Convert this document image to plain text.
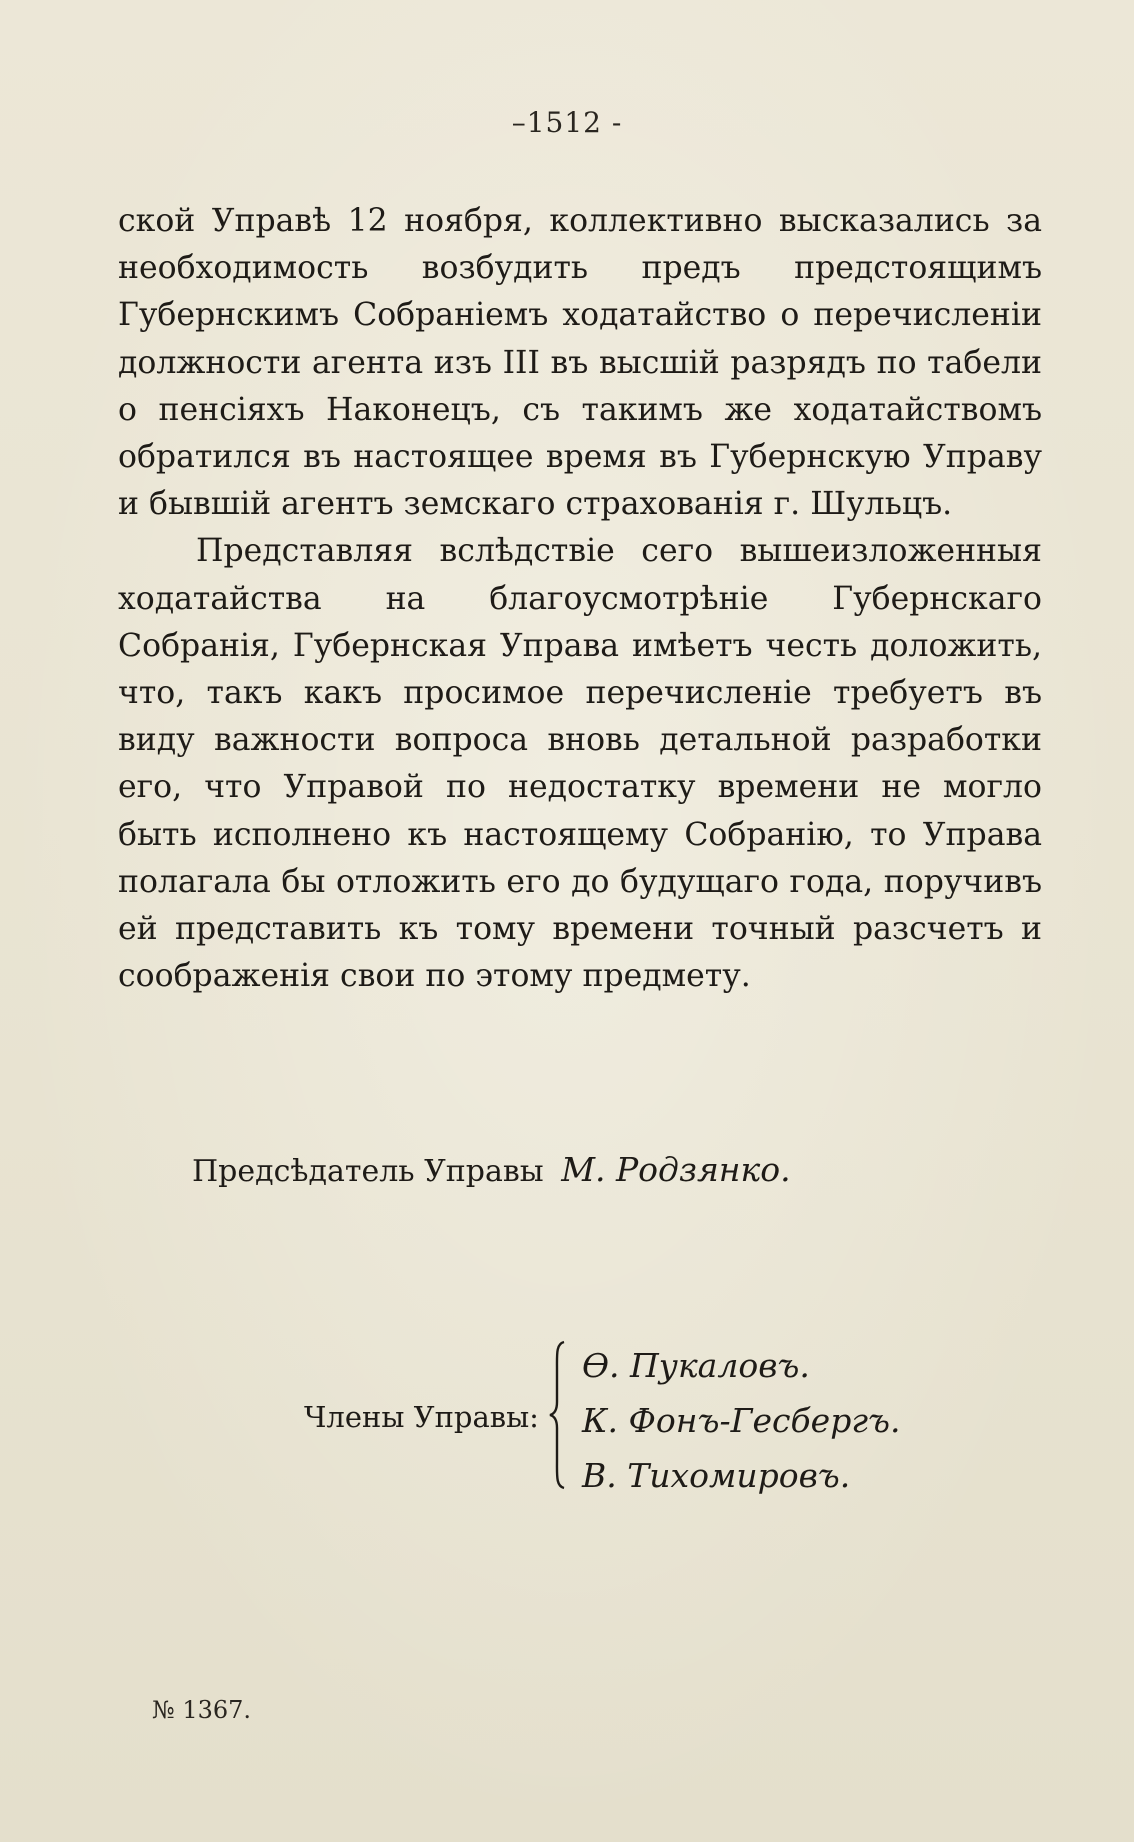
–1512 -

ской Управѣ 12 ноября, коллективно высказались за необходимость возбудить предъ предстоящимъ Губернскимъ Собраніемъ ходатайство о перечисленіи должности агента изъ III въ высшій разрядъ по табели о пенсіяхъ Наконецъ, съ такимъ же ходатайствомъ обратился въ настоящее время въ Губернскую Управу и бывшій агентъ земскаго страхованія г. Шульцъ.

Представляя вслѣдствіе сего вышеизложенныя ходатайства на благоусмотрѣніе Губернскаго Собранія, Губернская Управа имѣетъ честь доложить, что, такъ какъ просимое перечисленіе требуетъ въ виду важности вопроса вновь детальной разработки его, что Управой по недостатку времени не могло быть исполнено къ настоящему Собранію, то Управа полагала бы отложить его до будущаго года, поручивъ ей представить къ тому времени точный разсчетъ и соображенія свои по этому предмету.

Предсѣдатель Управы М. Родзянко.
Члены Управы:
Ѳ. Пукаловъ.
К. Фонъ-Гесбергъ.
В. Тихомировъ.
№ 1367.
